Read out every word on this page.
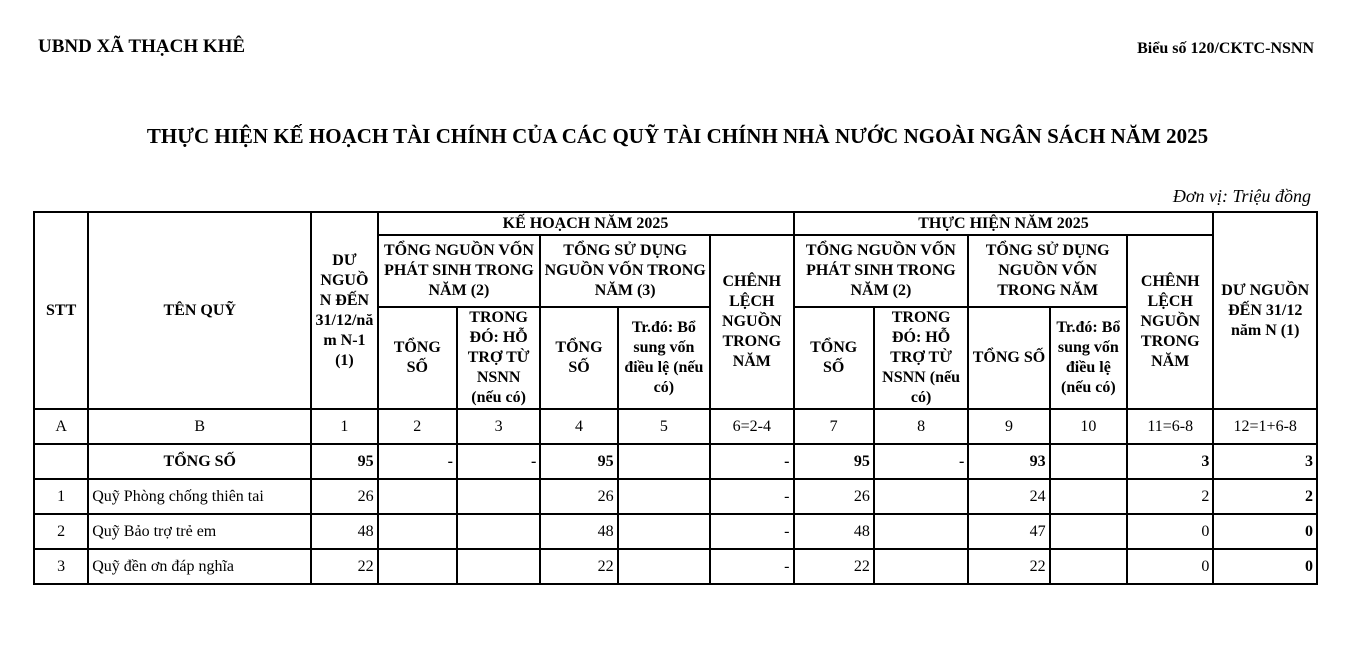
UBND XÃ THẠCH KHÊ	Biểu số 120/CKTC-NSNN
THỰC HIỆN KẾ HOẠCH TÀI CHÍNH CỦA CÁC QUỸ TÀI CHÍNH NHÀ NƯỚC NGOÀI NGÂN SÁCH NĂM 2025
Đơn vị: Triệu đồng
STT	TÊN QUỸ	DƯ NGUỒ N ĐẾN 31/12/nă m N-1 (1)	KẾ HOẠCH NĂM 2025					THỰC HIỆN NĂM 2025					DƯ NGUỒN ĐẾN 31/12 năm N (1)
			TỔNG NGUỒN VỐN PHÁT SINH TRONG NĂM (2)		TỔNG SỬ DỤNG NGUỒN VỐN TRONG NĂM (3)		CHÊNH LỆCH NGUỒN TRONG NĂM	TỔNG NGUỒN VỐN PHÁT SINH TRONG NĂM (2)		TỔNG SỬ DỤNG NGUỒN VỐN TRONG NĂM		CHÊNH LỆCH NGUỒN TRONG NĂM	
			TỔNG SỐ	TRONG ĐÓ: HỖ TRỢ TỪ NSNN (nếu có)	TỔNG SỐ	Tr.đó: Bổ sung vốn điều lệ (nếu có)		TỔNG SỐ	TRONG ĐÓ: HỖ TRỢ TỪ NSNN (nếu có)	TỔNG SỐ	Tr.đó: Bổ sung vốn điều lệ (nếu có)		
A	B	1	2	3	4	5	6=2-4	7	8	9	10	11=6-8	12=1+6-8
	TỔNG SỐ	95	-	-	95		-	95	-	93		3	3
1	Quỹ Phòng chống thiên tai	26			26		-	26		24		2	2
2	Quỹ Bảo trợ trẻ em	48			48		-	48		47		0	0
3	Quỹ đền ơn đáp nghĩa	22			22		-	22		22		0	0
